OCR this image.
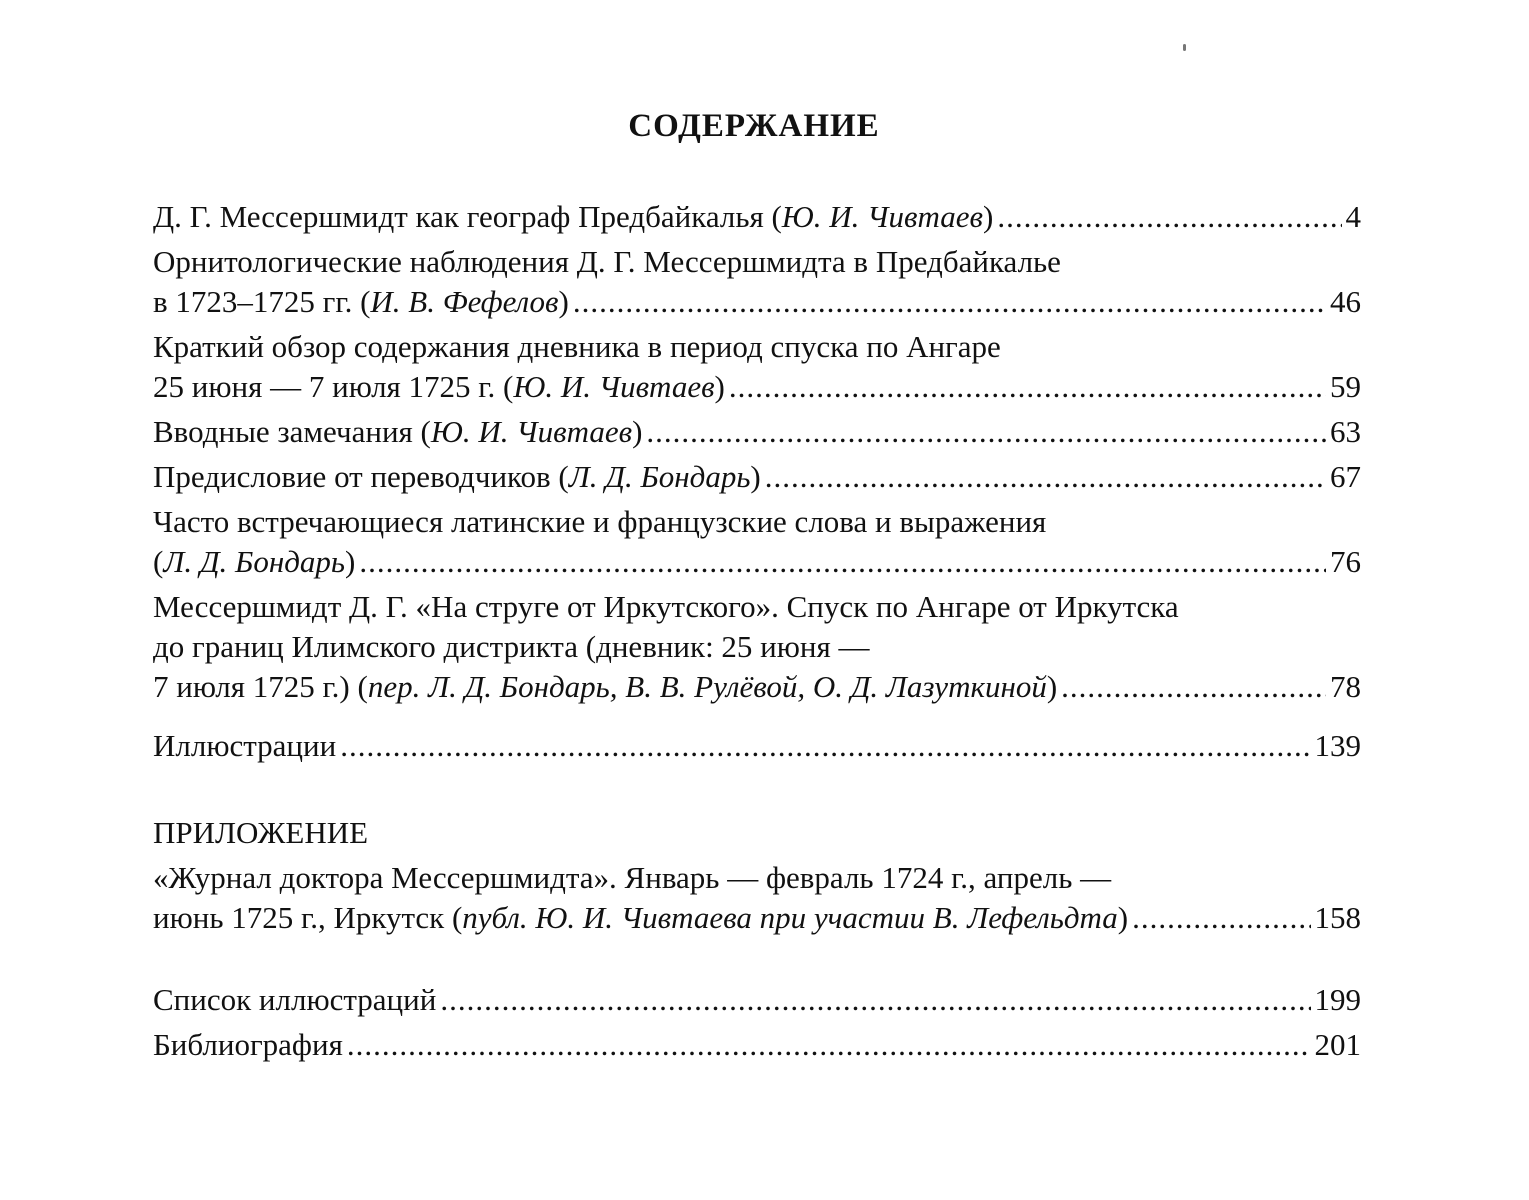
СОДЕРЖАНИЕ
Д. Г. Мессершмидт как географ Предбайкалья (Ю. И. Чивтаев) .....	4
Орнитологические наблюдения Д. Г. Мессершмидта в Предбайкалье
в 1723–1725 гг. (И. В. Фефелов) .....	46
Краткий обзор содержания дневника в период спуска по Ангаре
25 июня — 7 июля 1725 г. (Ю. И. Чивтаев) .....	59
Вводные замечания (Ю. И. Чивтаев) .....	63
Предисловие от переводчиков (Л. Д. Бондарь) .....	67
Часто встречающиеся латинские и французские слова и выражения
(Л. Д. Бондарь) .....	76
Мессершмидт Д. Г. «На струге от Иркутского». Спуск по Ангаре от Иркутска
до границ Илимского дистрикта (дневник: 25 июня —
7 июля 1725 г.) (пер. Л. Д. Бондарь, В. В. Рулёвой, О. Д. Лазуткиной) .....	78
Иллюстрации .....	139
ПРИЛОЖЕНИЕ
«Журнал доктора Мессершмидта». Январь — февраль 1724 г., апрель —
июнь 1725 г., Иркутск (публ. Ю. И. Чивтаева при участии В. Лефельдта) .....	158
Список иллюстраций .....	199
Библиография .....	201
